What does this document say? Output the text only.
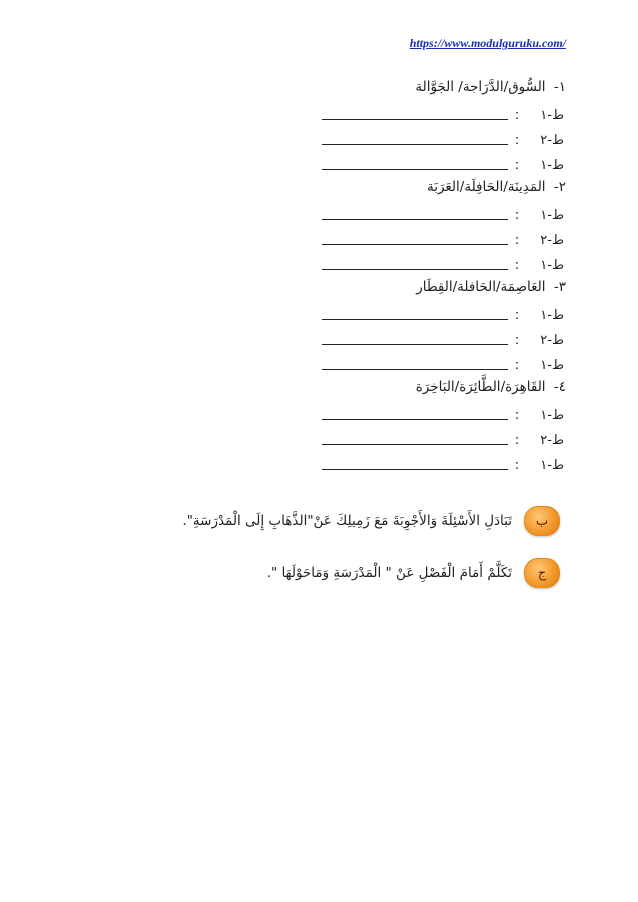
https://www.modulguruku.com/
١- السُّوق/الدَّرَاجة/ الجَوَّالة
ط-١
:
ط-٢
:
ط-١
:
٢- المَدِينَة/الحَافِلَة/العَرَبَة
ط-١
:
ط-٢
:
ط-١
:
٣- العَاصِمَة/الحَافلة/القِطَار
ط-١
:
ط-٢
:
ط-١
:
٤- القَاهِرَة/الطَّائِرَة/البَاخِرَة
ط-١
:
ط-٢
:
ط-١
:
ب
تَبَادَلِ الأَسْئِلَةَ وَالأَجْوِبَةَ مَعَ زَمِيلِكَ عَنْ"الذَّهَابِ إِلَى الْمَدْرَسَةِ".
ج
تَكَلَّمْ أَمَامَ الْفَصْلِ عَنْ " الْمَدْرَسَةِ وَمَاحَوْلَهَا ".
